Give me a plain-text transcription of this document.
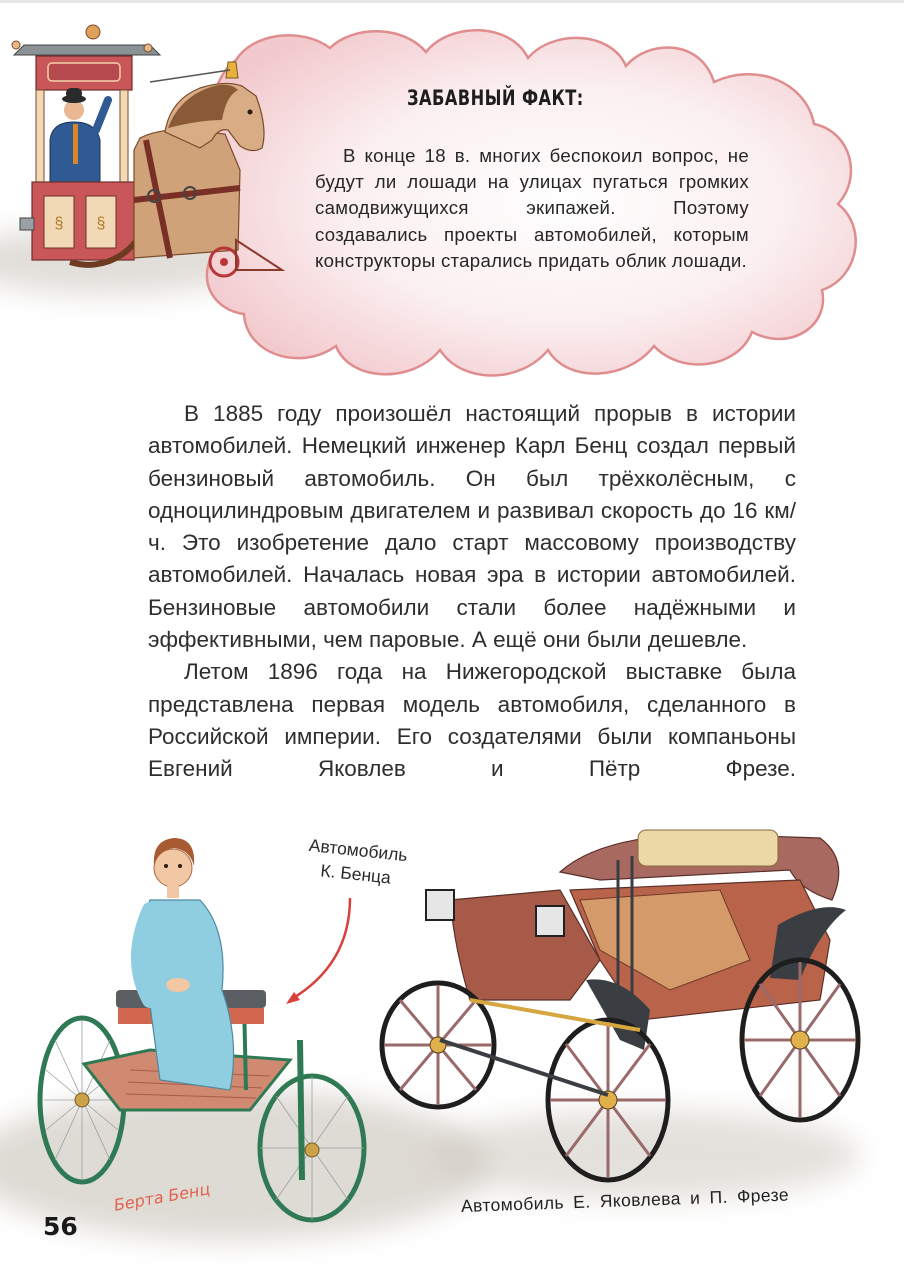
§ §
ЗАБАВНЫЙ ФАКТ:

В конце 18 в. многих беспокоил вопрос, не будут ли лошади на улицах пугаться громких самодвижущихся экипажей. Поэтому создавались проекты автомобилей, которым конструкторы старались придать облик лошади.

В 1885 году произошёл настоящий прорыв в истории автомобилей. Немецкий инженер Карл Бенц создал первый бензиновый автомобиль. Он был трёхколёсным, с одноцилиндровым двигателем и развивал скорость до 16 км/ч. Это изобретение дало старт массовому производству автомобилей. Началась новая эра в истории автомобилей. Бензиновые автомобили стали более надёжными и эффективными, чем паровые. А ещё они были дешевле.

Летом 1896 года на Нижегородской выставке была представлена первая модель автомобиля, сделанного в Российской империи. Его создателями были компаньоны Евгений Яковлев и Пётр Фрезе.

Автомобиль
К. Бенца
Автомобиль Е. Яковлева и П. Фрезе
Берта Бенц
56
